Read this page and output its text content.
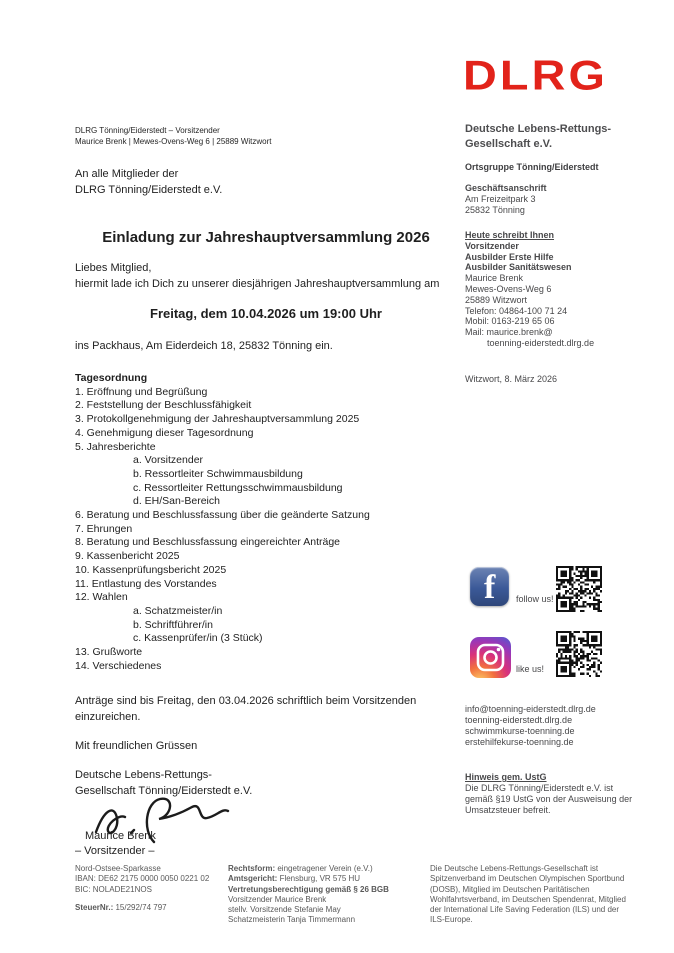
DLRG Tönning/Eiderstedt – Vorsitzender
Maurice Brenk | Mewes-Ovens-Weg 6 | 25889 Witzwort
An alle Mitglieder der
DLRG Tönning/Eiderstedt e.V.
Einladung zur Jahreshauptversammlung 2026
Liebes Mitglied,
hiermit lade ich Dich zu unserer diesjährigen Jahreshauptversammlung am
Freitag, dem 10.04.2026 um 19:00 Uhr
ins Packhaus, Am Eiderdeich 18, 25832 Tönning ein.
Tagesordnung
1. Eröffnung und Begrüßung
2. Feststellung der Beschlussfähigkeit
3. Protokollgenehmigung der Jahreshauptversammlung 2025
4. Genehmigung dieser Tagesordnung
5. Jahresberichte
a. Vorsitzender
b. Ressortleiter Schwimmausbildung
c. Ressortleiter Rettungsschwimmausbildung
d. EH/San-Bereich
6. Beratung und Beschlussfassung über die geänderte Satzung
7. Ehrungen
8. Beratung und Beschlussfassung eingereichter Anträge
9. Kassenbericht 2025
10. Kassenprüfungsbericht 2025
11. Entlastung des Vorstandes
12. Wahlen
a. Schatzmeister/in
b. Schriftführer/in
c. Kassenprüfer/in (3 Stück)
13. Grußworte
14. Verschiedenes
Anträge sind bis Freitag, den 03.04.2026 schriftlich beim Vorsitzenden einzureichen.
Mit freundlichen Grüssen
Deutsche Lebens-Rettungs-
Gesellschaft Tönning/Eiderstedt e.V.
Maurice Brenk
– Vorsitzender –
DLRG
Deutsche Lebens-Rettungs-
Gesellschaft e.V.
Ortsgruppe Tönning/Eiderstedt
Geschäftsanschrift
Am Freizeitpark 3
25832 Tönning
Heute schreibt Ihnen
Vorsitzender
Ausbilder Erste Hilfe
Ausbilder Sanitätswesen
Maurice Brenk
Mewes-Ovens-Weg 6
25889 Witzwort
Telefon: 04864-100 71 24
Mobil: 0163-219 65 06
Mail: maurice.brenk@
toenning-eiderstedt.dlrg.de
Witzwort, 8. März 2026
f follow us!
like us!
info@toenning-eiderstedt.dlrg.de
toenning-eiderstedt.dlrg.de
schwimmkurse-toenning.de
erstehilfekurse-toenning.de
Hinweis gem. UstG
Die DLRG Tönning/Eiderstedt e.V. ist gemäß §19 UstG von der Ausweisung der Umsatzsteuer befreit.
Nord-Ostsee-Sparkasse
IBAN: DE62 2175 0000 0050 0221 02
BIC: NOLADE21NOS
SteuerNr.: 15/292/74 797
Rechtsform: eingetragener Verein (e.V.)
Amtsgericht: Flensburg, VR 575 HU
Vertretungsberechtigung gemäß § 26 BGB
Vorsitzender Maurice Brenk
stellv. Vorsitzende Stefanie May
Schatzmeisterin Tanja Timmermann
Die Deutsche Lebens-Rettungs-Gesellschaft ist Spitzenverband im Deutschen Olympischen Sportbund (DOSB), Mitglied im Deutschen Paritätischen Wohlfahrtsverband, im Deutschen Spendenrat, Mitglied der International Life Saving Federation (ILS) und der ILS-Europe.
